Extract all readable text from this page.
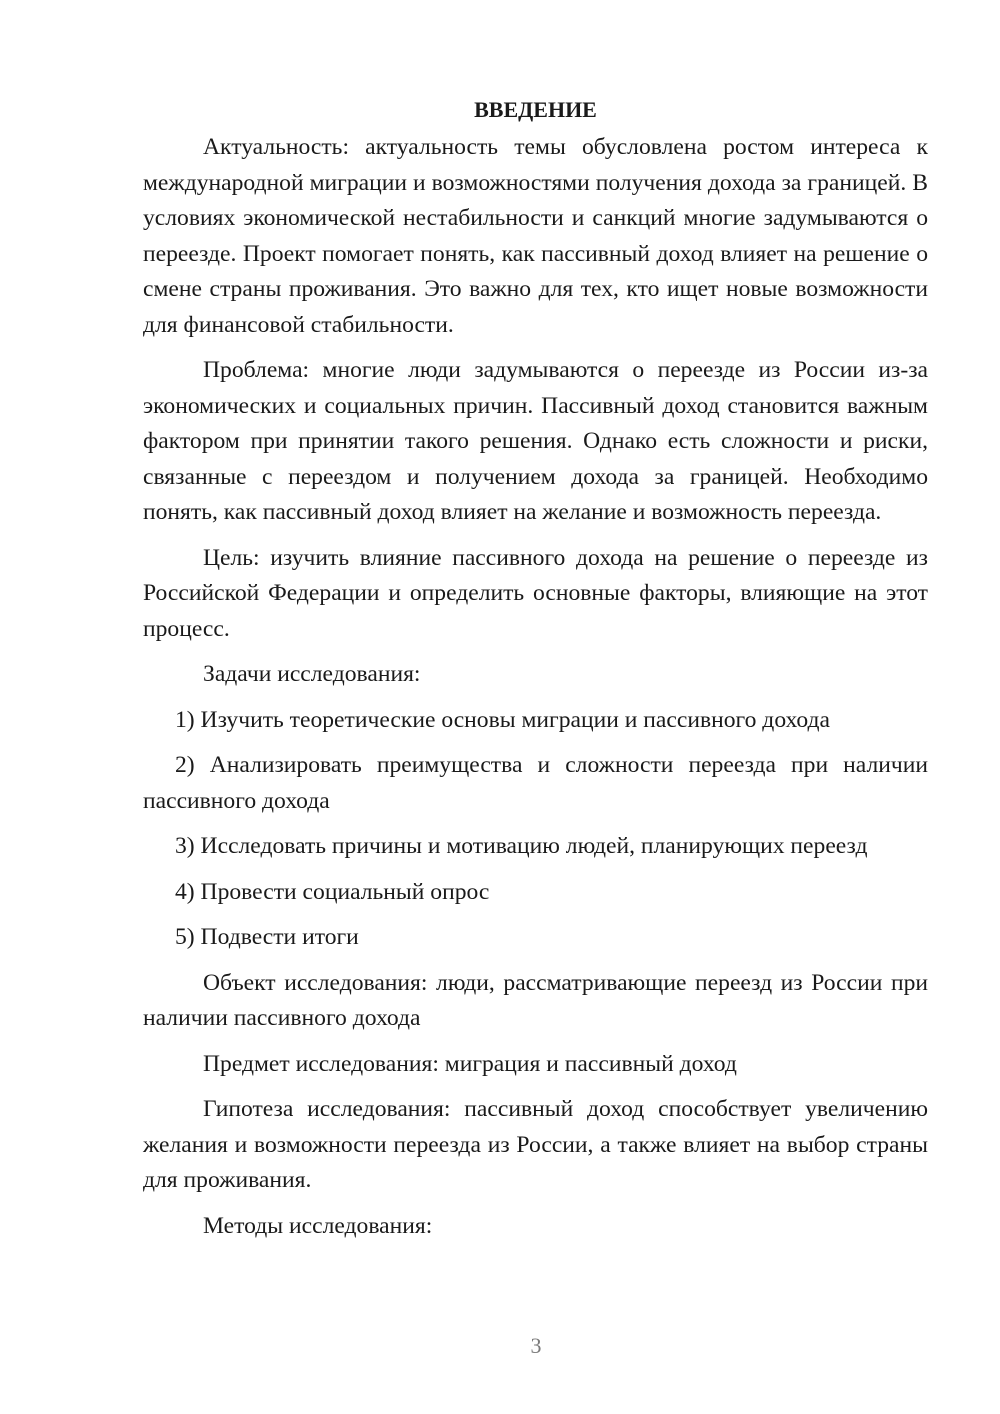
ВВЕДЕНИЕ

Актуальность: актуальность темы обусловлена ростом интереса к международной миграции и возможностями получения дохода за границей. В условиях экономической нестабильности и санкций многие задумываются о переезде. Проект помогает понять, как пассивный доход влияет на решение о смене страны проживания. Это важно для тех, кто ищет новые возможности для финансовой стабильности.

Проблема: многие люди задумываются о переезде из России из-за экономических и социальных причин. Пассивный доход становится важным фактором при принятии такого решения. Однако есть сложности и риски, связанные с переездом и получением дохода за границей. Необходимо понять, как пассивный доход влияет на желание и возможность переезда.

Цель: изучить влияние пассивного дохода на решение о переезде из Российской Федерации и определить основные факторы, влияющие на этот процесс.

Задачи исследования:

1) Изучить теоретические основы миграции и пассивного дохода

2) Анализировать преимущества и сложности переезда при наличии пассивного дохода

3) Исследовать причины и мотивацию людей, планирующих переезд

4) Провести социальный опрос

5) Подвести итоги

Объект исследования: люди, рассматривающие переезд из России при наличии пассивного дохода

Предмет исследования: миграция и пассивный доход

Гипотеза исследования: пассивный доход способствует увеличению желания и возможности переезда из России, а также влияет на выбор страны для проживания.

Методы исследования:

3
